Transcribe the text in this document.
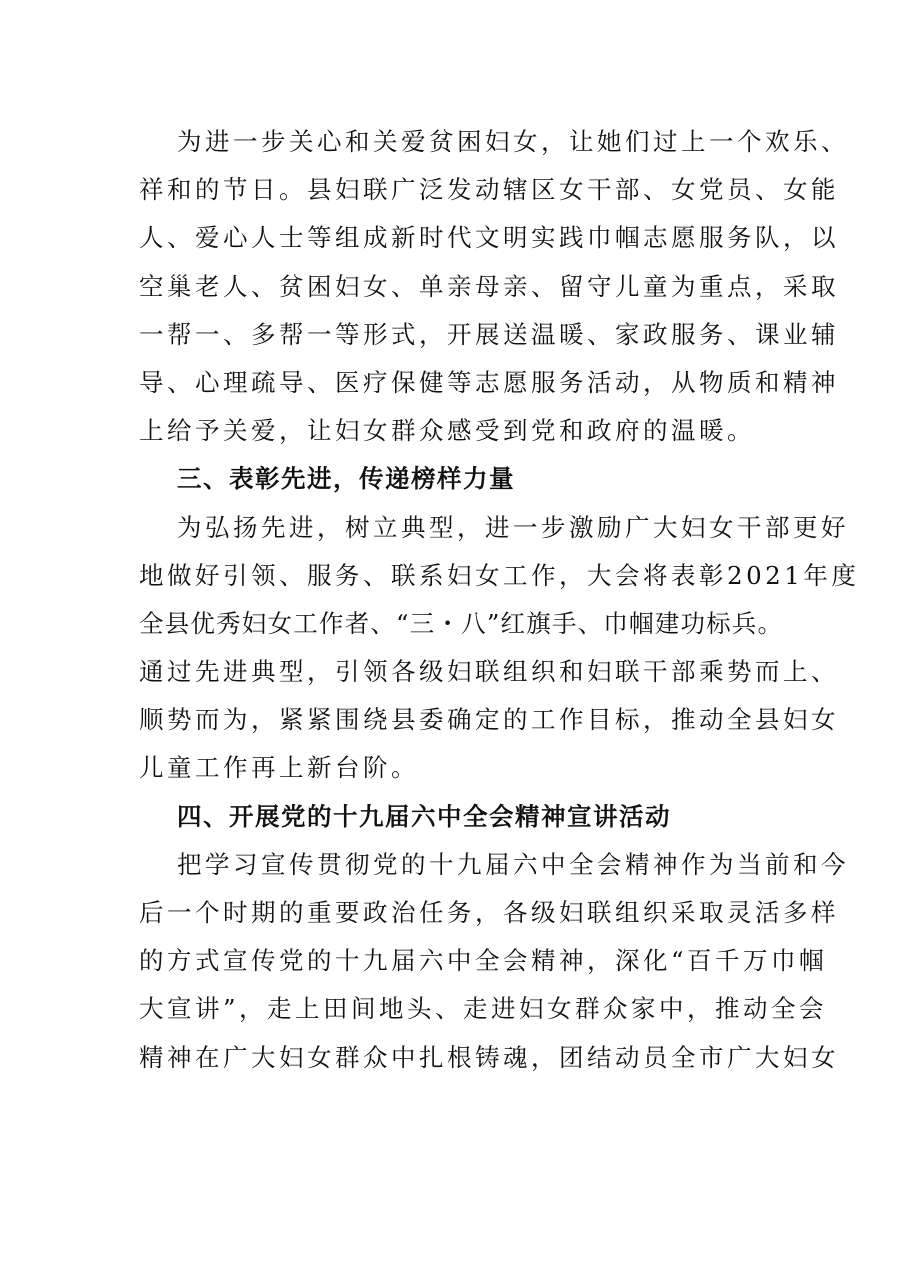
为进一步关心和关爱贫困妇女，让她们过上一个欢乐、
祥和的节日。县妇联广泛发动辖区女干部、女党员、女能
人、爱心人士等组成新时代文明实践巾帼志愿服务队，以
空巢老人、贫困妇女、单亲母亲、留守儿童为重点，采取
一帮一、多帮一等形式，开展送温暖、家政服务、课业辅
导、心理疏导、医疗保健等志愿服务活动，从物质和精神
上给予关爱，让妇女群众感受到党和政府的温暖。
三、表彰先进，传递榜样力量
为弘扬先进，树立典型，进一步激励广大妇女干部更好
地做好引领、服务、联系妇女工作，大会将表彰2021年度
全县优秀妇女工作者、“三・八”红旗手、巾帼建功标兵。
通过先进典型，引领各级妇联组织和妇联干部乘势而上、
顺势而为，紧紧围绕县委确定的工作目标，推动全县妇女
儿童工作再上新台阶。
四、开展党的十九届六中全会精神宣讲活动
把学习宣传贯彻党的十九届六中全会精神作为当前和今
后一个时期的重要政治任务，各级妇联组织采取灵活多样
的方式宣传党的十九届六中全会精神，深化“百千万巾帼
大宣讲”，走上田间地头、走进妇女群众家中，推动全会
精神在广大妇女群众中扎根铸魂，团结动员全市广大妇女
